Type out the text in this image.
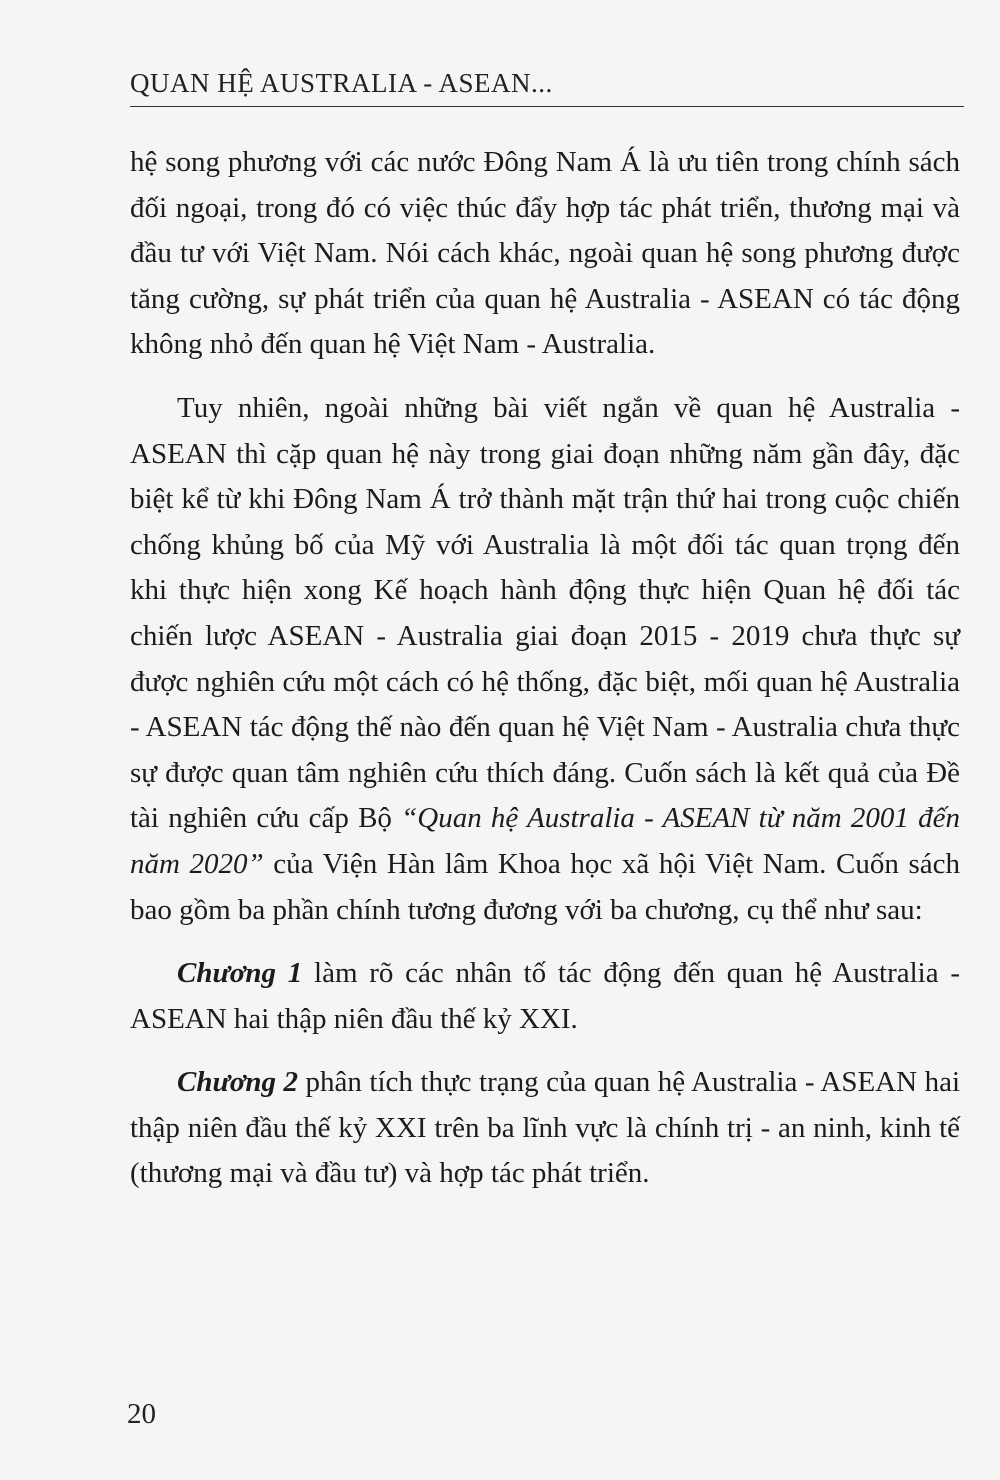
QUAN HỆ AUSTRALIA - ASEAN...

hệ song phương với các nước Đông Nam Á là ưu tiên trong chính sách đối ngoại, trong đó có việc thúc đẩy hợp tác phát triển, thương mại và đầu tư với Việt Nam. Nói cách khác, ngoài quan hệ song phương được tăng cường, sự phát triển của quan hệ Australia - ASEAN có tác động không nhỏ đến quan hệ Việt Nam - Australia.

Tuy nhiên, ngoài những bài viết ngắn về quan hệ Australia - ASEAN thì cặp quan hệ này trong giai đoạn những năm gần đây, đặc biệt kể từ khi Đông Nam Á trở thành mặt trận thứ hai trong cuộc chiến chống khủng bố của Mỹ với Australia là một đối tác quan trọng đến khi thực hiện xong Kế hoạch hành động thực hiện Quan hệ đối tác chiến lược ASEAN - Australia giai đoạn 2015 - 2019 chưa thực sự được nghiên cứu một cách có hệ thống, đặc biệt, mối quan hệ Australia - ASEAN tác động thế nào đến quan hệ Việt Nam - Australia chưa thực sự được quan tâm nghiên cứu thích đáng. Cuốn sách là kết quả của Đề tài nghiên cứu cấp Bộ “Quan hệ Australia - ASEAN từ năm 2001 đến năm 2020” của Viện Hàn lâm Khoa học xã hội Việt Nam. Cuốn sách bao gồm ba phần chính tương đương với ba chương, cụ thể như sau:

Chương 1 làm rõ các nhân tố tác động đến quan hệ Australia - ASEAN hai thập niên đầu thế kỷ XXI.

Chương 2 phân tích thực trạng của quan hệ Australia - ASEAN hai thập niên đầu thế kỷ XXI trên ba lĩnh vực là chính trị - an ninh, kinh tế (thương mại và đầu tư) và hợp tác phát triển.

20
